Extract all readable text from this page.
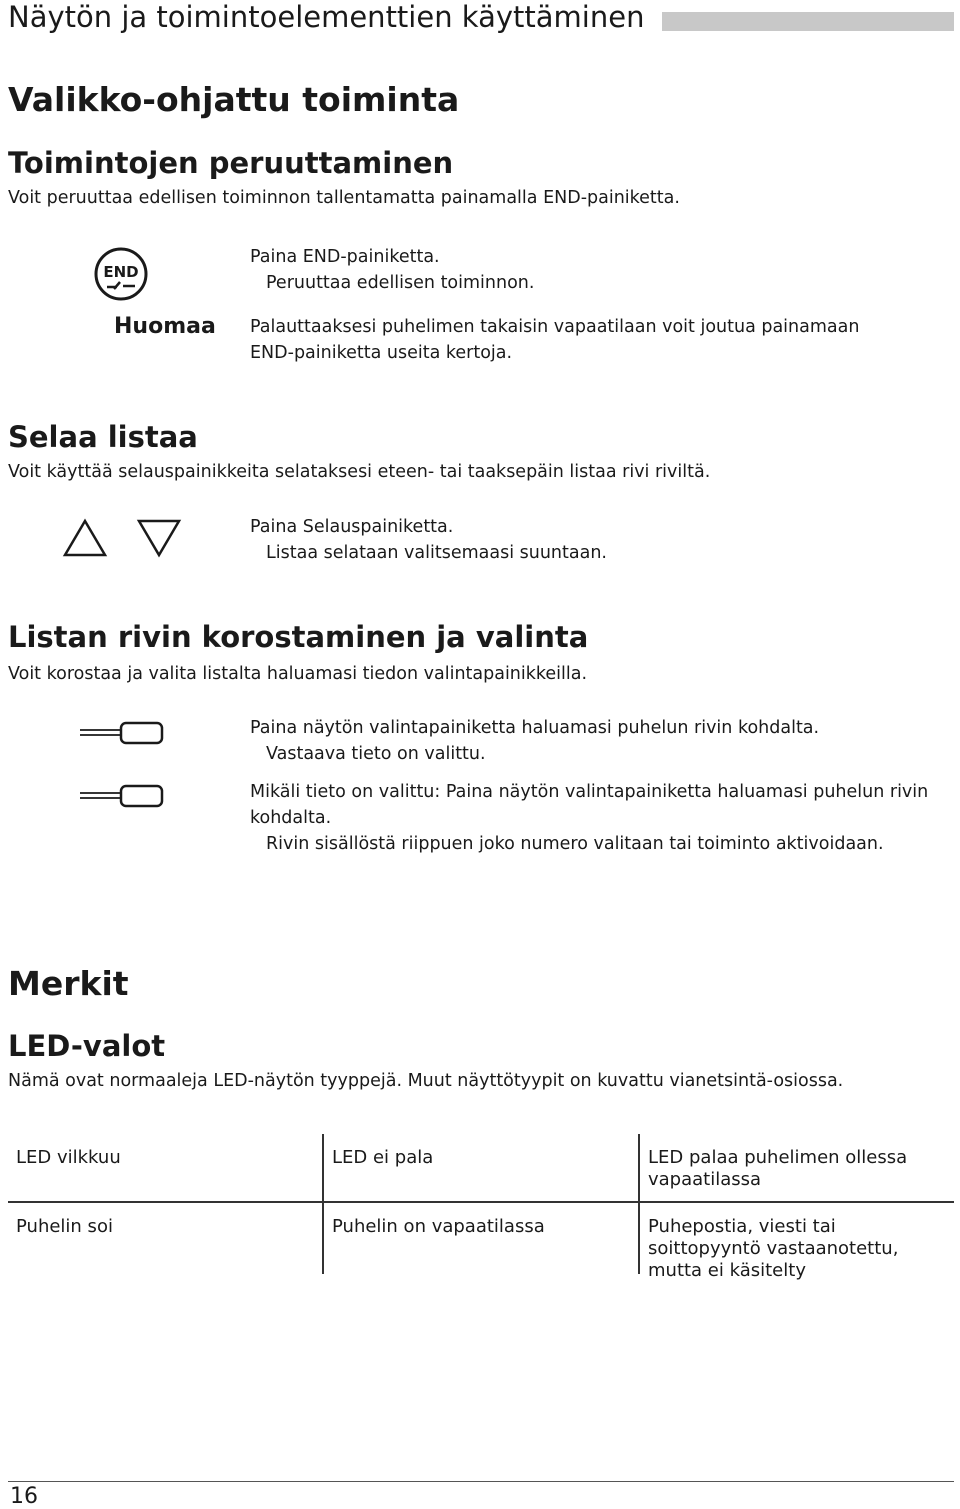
Näytön ja toimintoelementtien käyttäminen
Valikko-ohjattu toiminta
Toimintojen peruuttaminen
Voit peruuttaa edellisen toiminnon tallentamatta painamalla END-painiketta.
END
Paina END-painiketta.
Peruuttaa edellisen toiminnon.
Huomaa Palauttaaksesi puhelimen takaisin vapaatilaan voit joutua painamaan
END-painiketta useita kertoja.
Selaa listaa
Voit käyttää selauspainikkeita selataksesi eteen- tai taaksepäin listaa rivi riviltä.
Paina Selauspainiketta.
Listaa selataan valitsemaasi suuntaan.
Listan rivin korostaminen ja valinta
Voit korostaa ja valita listalta haluamasi tiedon valintapainikkeilla.
Paina näytön valintapainiketta haluamasi puhelun rivin kohdalta.
Vastaava tieto on valittu.
Mikäli tieto on valittu: Paina näytön valintapainiketta haluamasi puhelun rivin
kohdalta.
Rivin sisällöstä riippuen joko numero valitaan tai toiminto aktivoidaan.
Merkit
LED-valot
Nämä ovat normaaleja LED-näytön tyyppejä. Muut näyttötyypit on kuvattu vianetsintä-osiossa.
LED vilkkuu	LED ei pala	LED palaa puhelimen ollessa vapaatilassa
Puhelin soi	Puhelin on vapaatilassa	Puhepostia, viesti tai soittopyyntö vastaanotettu, mutta ei käsitelty
16
